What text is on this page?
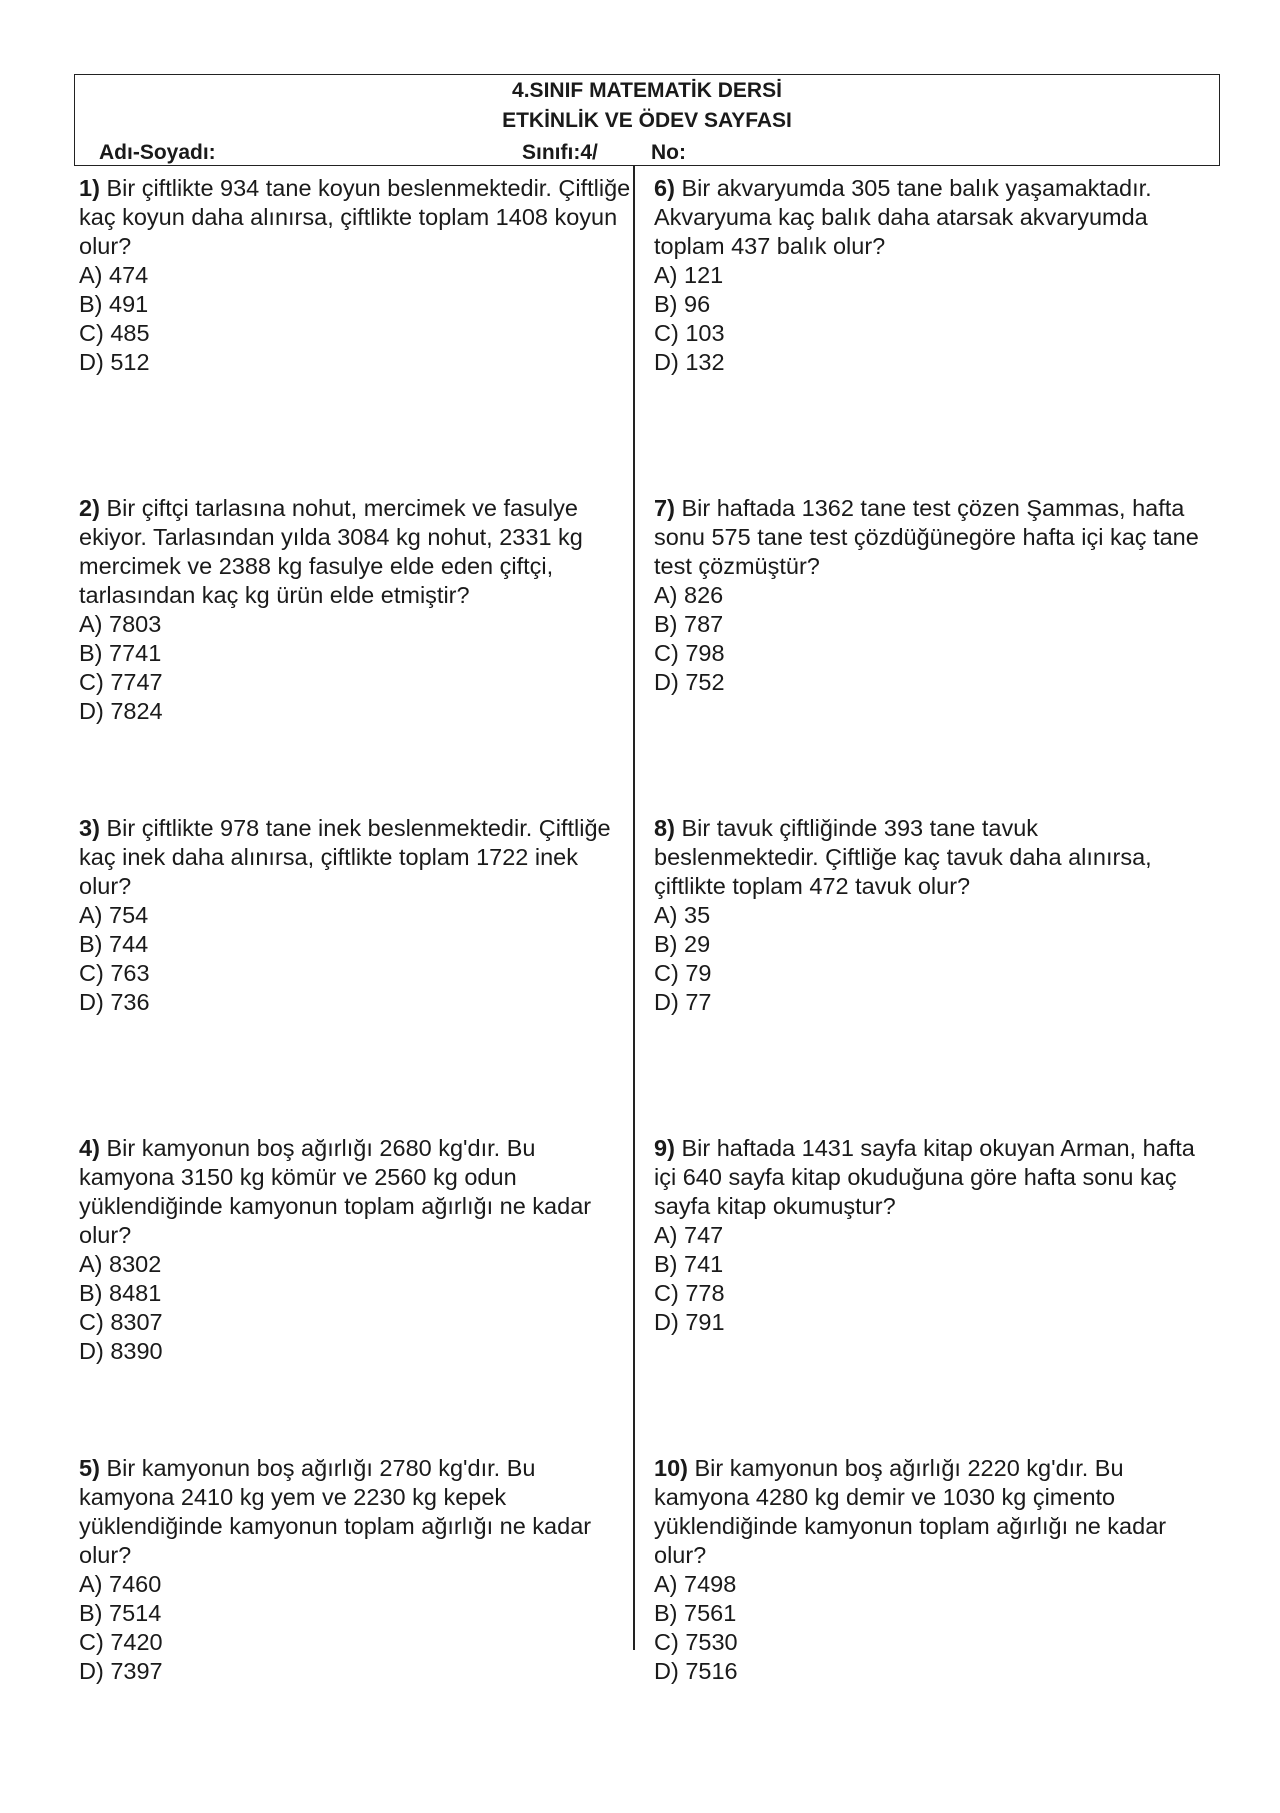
4.SINIF MATEMATİK DERSİ
ETKİNLİK VE ÖDEV SAYFASI
Adı-Soyadı:	Sınıfı:4/	No:
1) Bir çiftlikte 934 tane koyun beslenmektedir. Çiftliğe kaç koyun daha alınırsa, çiftlikte toplam 1408 koyun olur?
A) 474
B) 491
C) 485
D) 512
2) Bir çiftçi tarlasına nohut, mercimek ve fasulye ekiyor. Tarlasından yılda 3084 kg nohut, 2331 kg mercimek ve 2388 kg fasulye elde eden çiftçi, tarlasından kaç kg ürün elde etmiştir?
A) 7803
B) 7741
C) 7747
D) 7824
3) Bir çiftlikte 978 tane inek beslenmektedir. Çiftliğe kaç inek daha alınırsa, çiftlikte toplam 1722 inek olur?
A) 754
B) 744
C) 763
D) 736
4) Bir kamyonun boş ağırlığı 2680 kg'dır. Bu kamyona 3150 kg kömür ve 2560 kg odun yüklendiğinde kamyonun toplam ağırlığı ne kadar olur?
A) 8302
B) 8481
C) 8307
D) 8390
5) Bir kamyonun boş ağırlığı 2780 kg'dır. Bu kamyona 2410 kg yem ve 2230 kg kepek yüklendiğinde kamyonun toplam ağırlığı ne kadar olur?
A) 7460
B) 7514
C) 7420
D) 7397
6) Bir akvaryumda 305 tane balık yaşamaktadır. Akvaryuma kaç balık daha atarsak akvaryumda toplam 437 balık olur?
A) 121
B) 96
C) 103
D) 132
7) Bir haftada 1362 tane test çözen Şammas, hafta sonu 575 tane test çözdüğünegöre hafta içi kaç tane test çözmüştür?
A) 826
B) 787
C) 798
D) 752
8) Bir tavuk çiftliğinde 393 tane tavuk beslenmektedir. Çiftliğe kaç tavuk daha alınırsa, çiftlikte toplam 472 tavuk olur?
A) 35
B) 29
C) 79
D) 77
9) Bir haftada 1431 sayfa kitap okuyan Arman, hafta içi 640 sayfa kitap okuduğuna göre hafta sonu kaç sayfa kitap okumuştur?
A) 747
B) 741
C) 778
D) 791
10) Bir kamyonun boş ağırlığı 2220 kg'dır. Bu kamyona 4280 kg demir ve 1030 kg çimento yüklendiğinde kamyonun toplam ağırlığı ne kadar olur?
A) 7498
B) 7561
C) 7530
D) 7516
